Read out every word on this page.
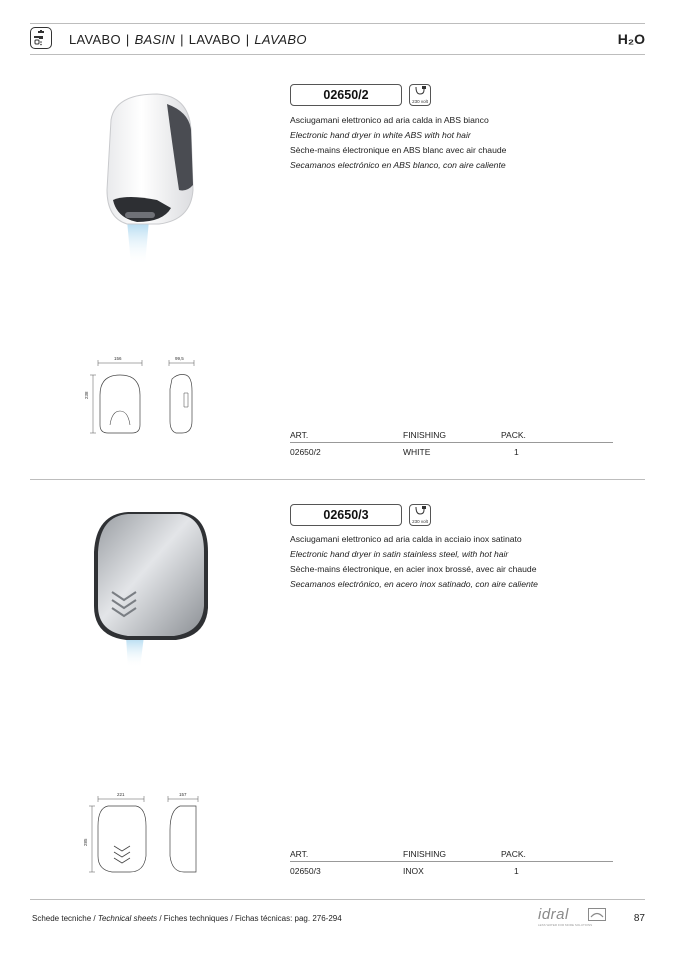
LAVABO | BASIN | LAVABO | LAVABO	H₂O
02650/2	230 volt
Asciugamani elettronico ad aria calda in ABS bianco
Electronic hand dryer in white ABS with hot hair
Sèche-mains électronique en ABS blanc avec air chaude
Secamanos electrónico en ABS blanco, con aire caliente
156	99,5
238
ART.	FINISHING	PACK.
02650/2	WHITE	1
02650/3	230 volt
Asciugamani elettronico ad aria calda in acciaio inox satinato
Electronic hand dryer in satin stainless steel, with hot hair
Sèche-mains électronique, en acier inox brossé, avec air chaude
Secamanos electrónico, en acero inox satinado, con aire caliente
221	157
285
ART.	FINISHING	PACK.
02650/3	INOX	1
Schede tecniche / Technical sheets / Fiches techniques / Fichas técnicas: pag. 276-294	idral
LESS WATER FOR MORE SOLUTIONS
87
